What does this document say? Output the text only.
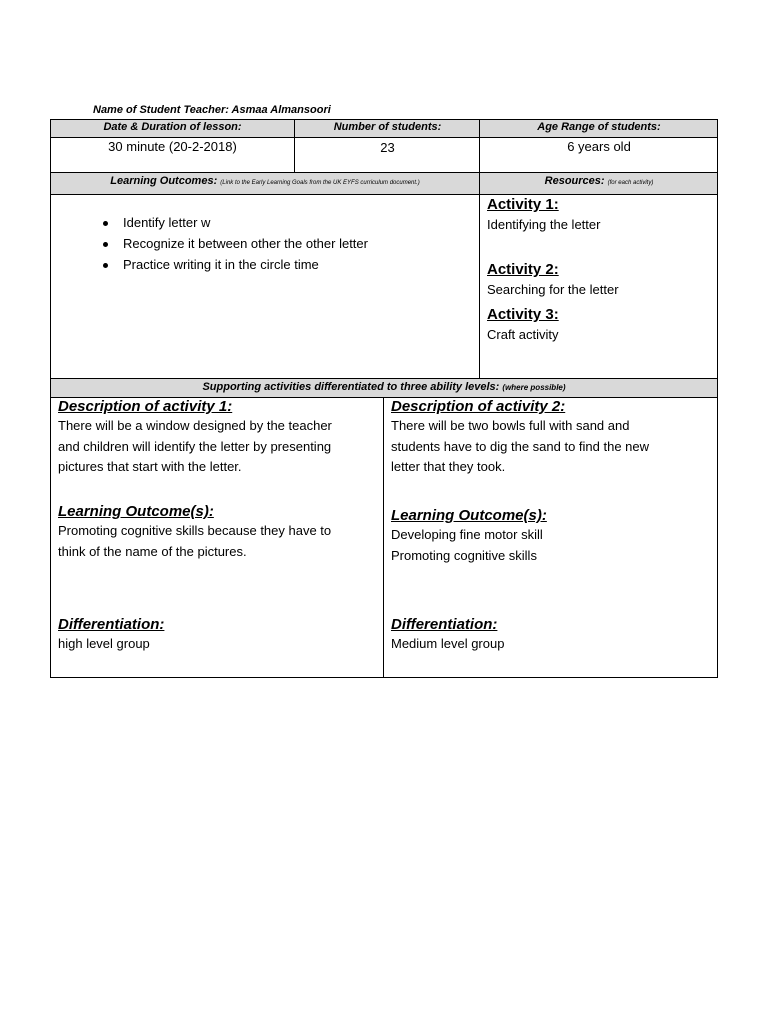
Name of Student Teacher: Asmaa Almansoori
Date & Duration of lesson:	Number of students:	Age Range of students:
30 minute (20-2-2018)	23	6 years old
Learning Outcomes: (Link to the Early Learning Goals from the UK EYFS curriculum document.)	Resources: (for each activity)
Identify letter w
Recognize it between other the other letter
Practice writing it in the circle time
Activity 1:
Identifying the letter
Activity 2:
Searching for the letter
Activity 3:
Craft activity
Supporting activities differentiated to three ability levels: (where possible)
Description of activity 1:
There will be a window designed by the teacher
and children will identify the letter by presenting
pictures that start with the letter.
Learning Outcome(s):
Promoting cognitive skills because they have to
think of the name of the pictures.
Differentiation:
high level group
Description of activity 2:
There will be two bowls full with sand and
students have to dig the sand to find the new
letter that they took.
Learning Outcome(s):
Developing fine motor skill
Promoting cognitive skills
Differentiation:
Medium level group
